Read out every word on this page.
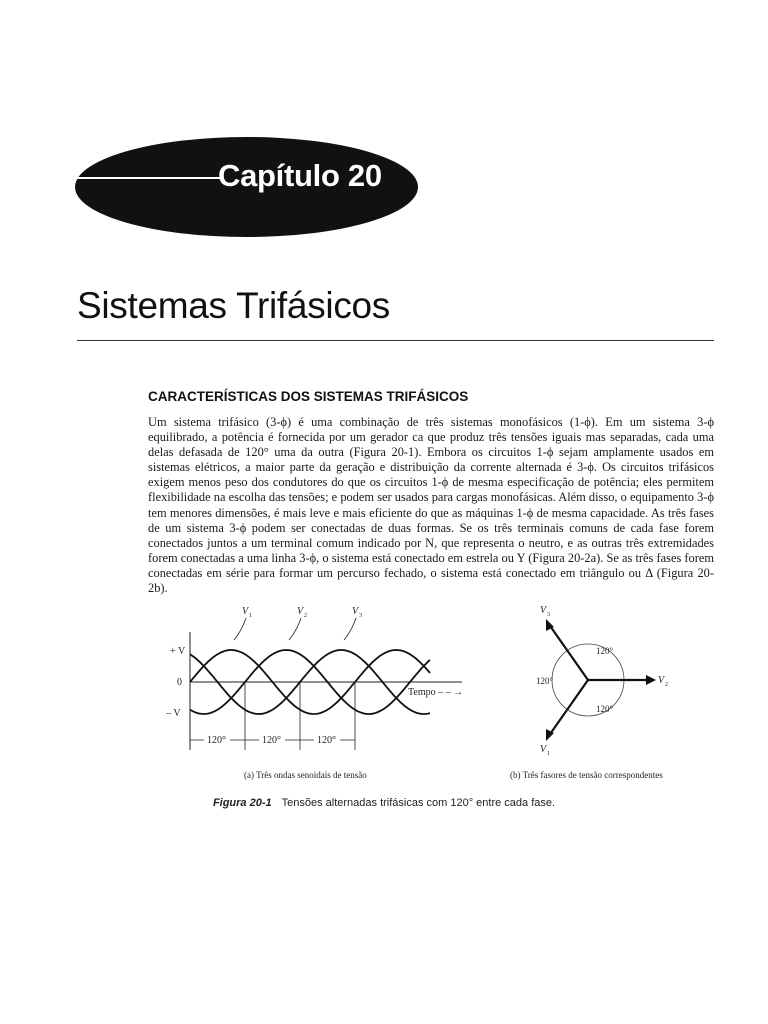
Capítulo 20
Sistemas Trifásicos
CARACTERÍSTICAS DOS SISTEMAS TRIFÁSICOS
Um sistema trifásico (3-ϕ) é uma combinação de três sistemas monofásicos (1-ϕ). Em um sistema 3-ϕ equilibrado, a potência é fornecida por um gerador ca que produz três tensões iguais mas separadas, cada uma delas defasada de 120° uma da outra (Figura 20-1). Embora os circuitos 1-ϕ sejam amplamente usados em sistemas elétricos, a maior parte da geração e distribuição da corrente alternada é 3-ϕ. Os circuitos trifásicos exigem menos peso dos condutores do que os circuitos 1-ϕ de mesma especificação de potência; eles permitem flexibilidade na escolha das tensões; e podem ser usados para cargas monofásicas. Além disso, o equipamento 3-ϕ tem menores dimensões, é mais leve e mais eficiente do que as máquinas 1-ϕ de mesma capacidade. As três fases de um sistema 3-ϕ podem ser conectadas de duas formas. Se os três terminais comuns de cada fase forem conectados juntos a um terminal comum indicado por N, que representa o neutro, e as outras três extremidades forem conectadas a uma linha 3-ϕ, o sistema está conectado em estrela ou Y (Figura 20-2a). Se as três fases forem conectadas em série para formar um percurso fechado, o sistema está conectado em triângulo ou Δ (Figura 20-2b).
+ V
0
– V
Tempo – – →
V 1	V 2	V 3
120°	120°	120°
(a) Três ondas senoidais de tensão
V 3
V 2
V 1
120°
120°
120°
(b) Três fasores de tensão correspondentes
Figura 20-1 Tensões alternadas trifásicas com 120° entre cada fase.
